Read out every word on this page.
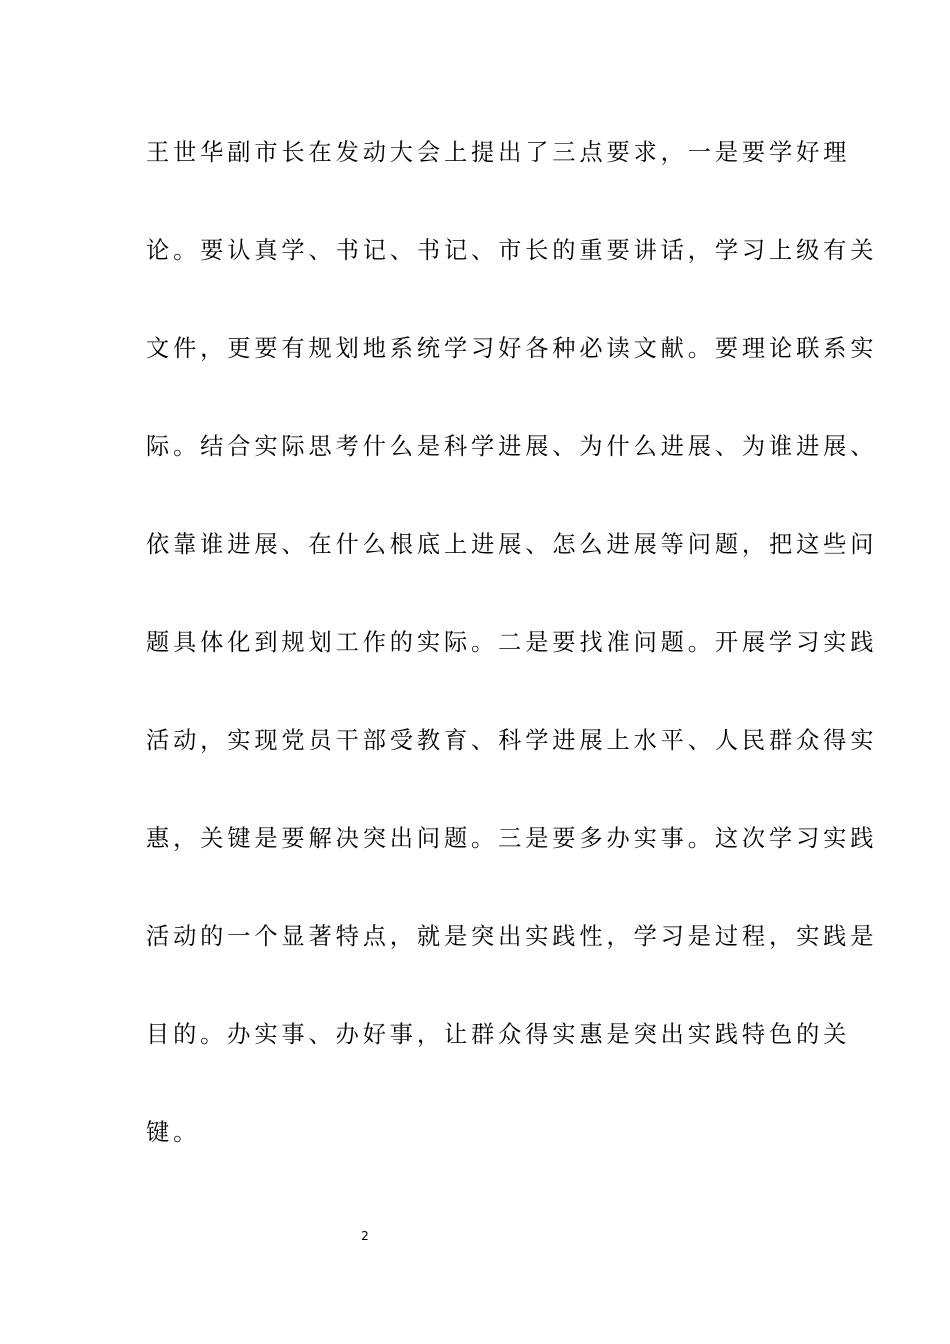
王世华副市长在发动大会上提出了三点要求，一是要学好理
论。要认真学、书记、书记、市长的重要讲话，学习上级有关
文件，更要有规划地系统学习好各种必读文献。要理论联系实
际。结合实际思考什么是科学进展、为什么进展、为谁进展、
依靠谁进展、在什么根底上进展、怎么进展等问题，把这些问
题具体化到规划工作的实际。二是要找准问题。开展学习实践
活动，实现党员干部受教育、科学进展上水平、人民群众得实
惠，关键是要解决突出问题。三是要多办实事。这次学习实践
活动的一个显著特点，就是突出实践性，学习是过程，实践是
目的。办实事、办好事，让群众得实惠是突出实践特色的关
键。
2
